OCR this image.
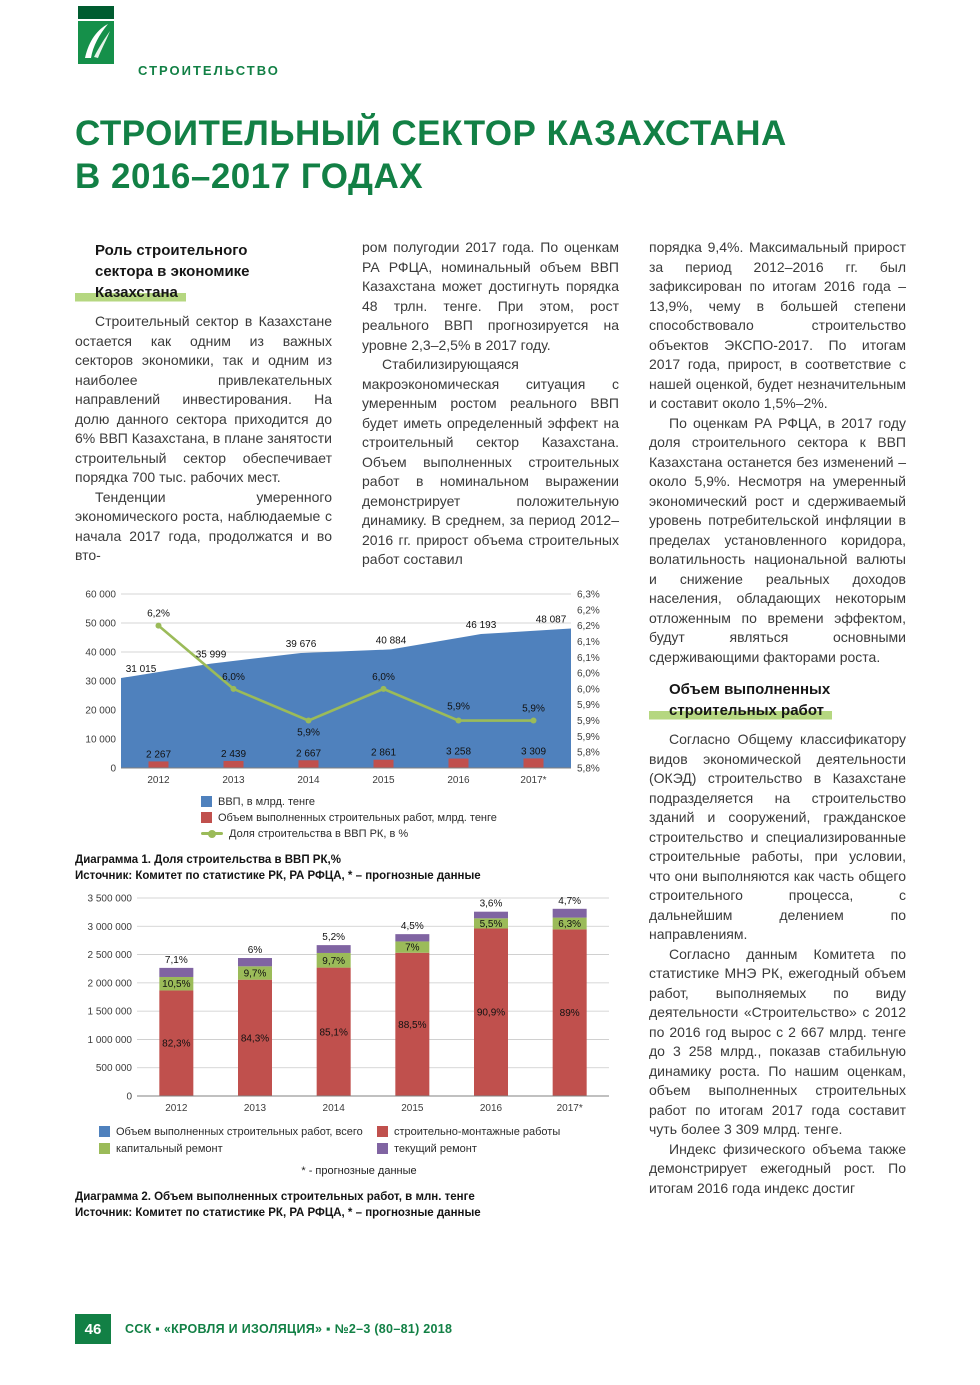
СТРОИТЕЛЬСТВО
СТРОИТЕЛЬНЫЙ СЕКТОР КАЗАХСТАНА
В 2016–2017 ГОДАХ
Роль строительного
сектора в экономике
Казахстана

Строительный сектор в Казахстане остается как одним из важных секторов экономики, так и одним из наиболее привлекательных направлений инвестирования. На долю данного сектора приходится до 6% ВВП Казахстана, в плане занятости строительный сектор обеспечивает порядка 700 тыс. рабочих мест.

Тенденции умеренного экономического роста, наблюдаемые с начала 2017 года, продолжатся и во вто-

ром полугодии 2017 года. По оценкам РА РФЦА, номинальный объем ВВП Казахстана может достигнуть порядка 48 трлн. тенге. При этом, рост реального ВВП прогнозируется на уровне 2,3–2,5% в 2017 году.

Стабилизирующаяся макроэкономическая ситуация с умеренным ростом реального ВВП будет иметь определенный эффект на строительный сектор Казахстана. Объем выполненных строительных работ в номинальном выражении демонстрирует положительную динамику. В среднем, за период 2012–2016 гг. прирост объема строительных работ составил

порядка 9,4%. Максимальный прирост за период 2012–2016 гг. был зафиксирован по итогам 2016 года – 13,9%, чему в большей степени способствовало строительство объектов ЭКСПО-2017. По итогам 2017 года, прирост, в соответствие с нашей оценкой, будет незначительным и составит около 1,5%–2%.

По оценкам РА РФЦА, в 2017 году доля строительного сектора к ВВП Казахстана останется без изменений – около 5,9%. Несмотря на умеренный экономический рост и сдерживаемый уровень потребительской инфляции в пределах установленного коридора, волатильность национальной валюты и снижение реальных доходов населения, обладающих некоторым отложенным по времени эффектом, будут являться основными сдерживающими факторами роста.

Объем выполненных
строительных работ

Согласно Общему классификатору видов экономической деятельности (ОКЭД) строительство в Казахстане подразделяется на строительство зданий и сооружений, гражданское строительство и специализированные строительные работы, при условии, что они выполняются как часть общего строительного процесса, с дальнейшим делением по направлениям.

Согласно данным Комитета по статистике МНЭ РК, ежегодный объем работ, выполняемых по виду деятельности «Строительство» с 2012 по 2016 год вырос с 2 667 млрд. тенге до 3 258 млрд., показав стабильную динамику роста. По нашим оценкам, объем выполненных строительных работ по итогам 2017 года составит чуть более 3 309 млрд. тенге.

Индекс физического объема также демонстрирует ежегодный рост. По итогам 2016 года индекс достиг

60 000
50 000
40 000
30 000
20 000
10 000
0
6,3%
6,2%
6,2%
6,1%
6,1%
6,0%
6,0%
5,9%
5,9%
5,9%
5,8%
5,8%
31 015
35 999
39 676	40 884
46 193	48 087
2 267	2 439	2 667	2 861	3 258	3 309
6,2%
6,0%
5,9%
6,0%
5,9%	5,9%
2012	2013	2014	2015	2016	2017*
ВВП, в млрд. тенге
Объем выполненных строительных работ, млрд. тенге
Доля строительства в ВВП РК, в %
Диаграмма 1. Доля строительства в ВВП РК,%
Источник: Комитет по статистике РК, РА РФЦА, * – прогнозные данные
3 500 000
3 000 000
2 500 000
2 000 000
1 500 000
1 000 000
500 000
0
82,3%
10,5%
7,1%
84,3%
9,7%
6%
85,1%
9,7%
5,2%
88,5%
7%
4,5%
90,9%
5,5%
3,6%
89%
6,3%
4,7%
2012	2013	2014	2015	2016	2017*
Объем выполненных строительных работ, всего	строительно-монтажные работы
капитальный ремонт	текущий ремонт
* - прогнозные данные
Диаграмма 2. Объем выполненных строительных работ, в млн. тенге
Источник: Комитет по статистике РК, РА РФЦА, * – прогнозные данные
46	ССК ▪ «КРОВЛЯ И ИЗОЛЯЦИЯ» ▪ №2–3 (80–81) 2018
